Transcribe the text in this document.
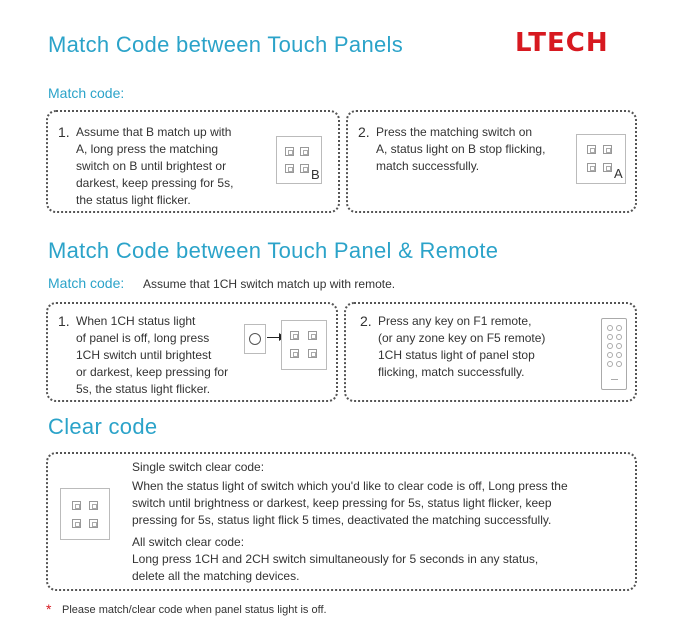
Match Code between Touch Panels	LTECH
Match code:
1. Assume that B match up with
A, long press the matching
switch on B until brightest or
darkest, keep pressing for 5s,
the status light flicker.
B
2. Press the matching switch on
A, status light on B stop flicking,
match successfully.	A
Match Code between Touch Panel & Remote
Match code: Assume that 1CH switch match up with remote.
1. When 1CH status light
of panel is off, long press
1CH switch until brightest
or darkest, keep pressing for
5s, the status light flicker.
2. Press any key on F1 remote,
(or any zone key on F5 remote)
1CH status light of panel stop
flicking, match successfully.
Clear code
Single switch clear code:
When the status light of switch which you'd like to clear code is off, Long press the
switch until brightness or darkest, keep pressing for 5s, status light flicker, keep
pressing for 5s, status light flick 5 times, deactivated the matching successfully.
All switch clear code:
Long press 1CH and 2CH switch simultaneously for 5 seconds in any status,
delete all the matching devices.
* Please match/clear code when panel status light is off.
